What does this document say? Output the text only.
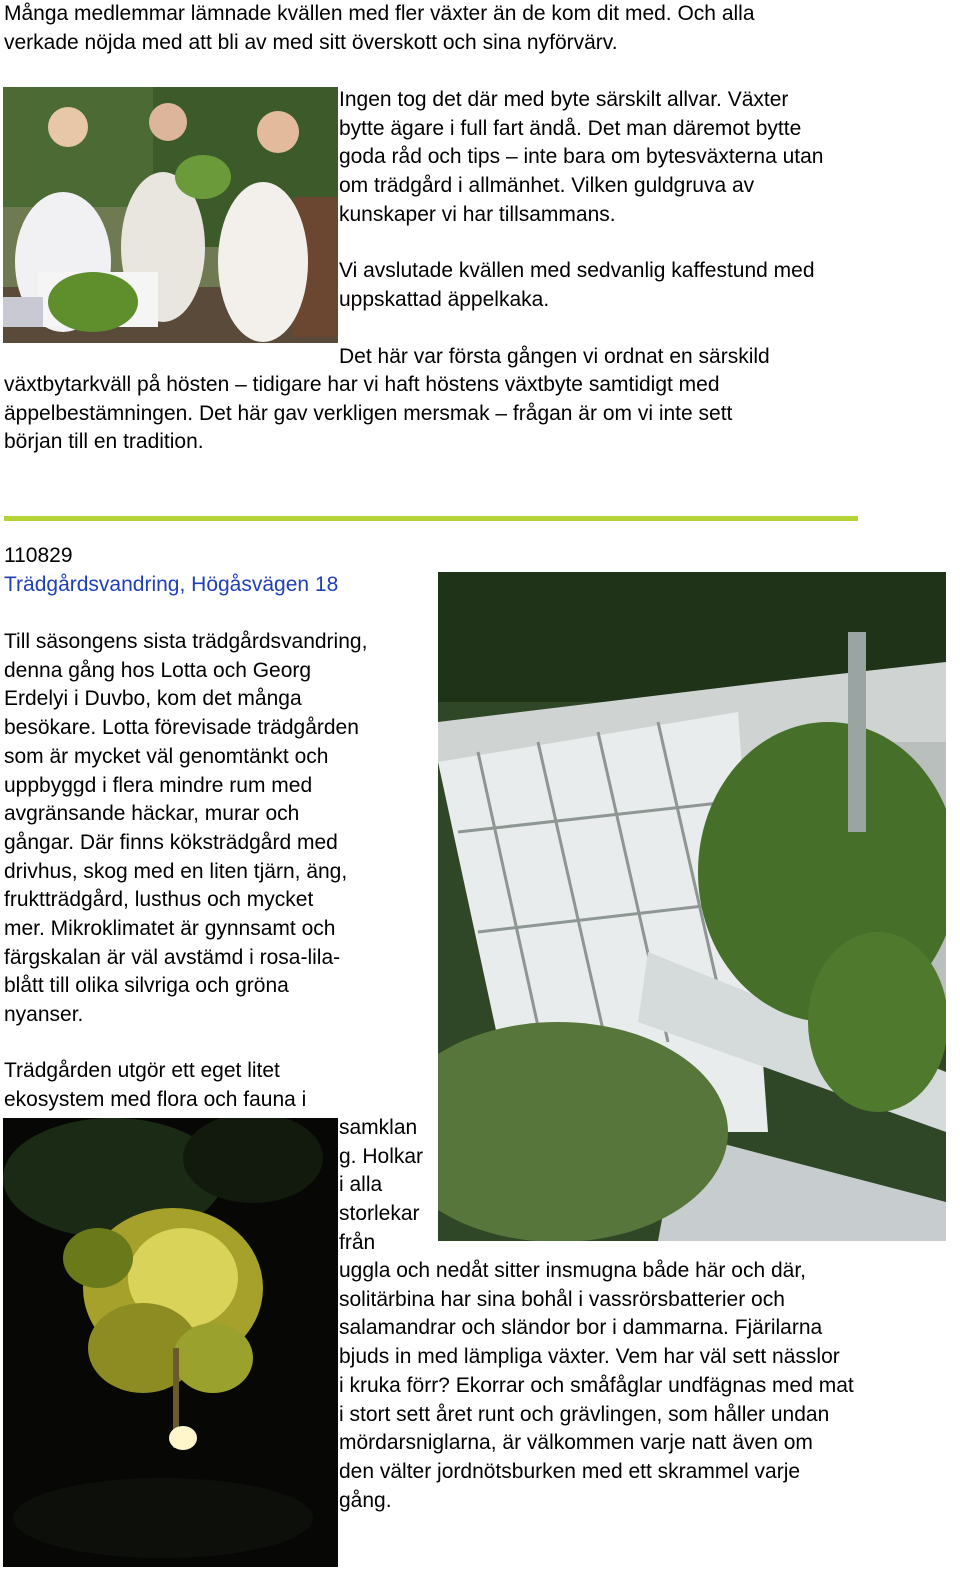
Många medlemmar lämnade kvällen med fler växter än de kom dit med. Och alla
verkade nöjda med att bli av med sitt överskott och sina nyförvärv.

Ingen tog det där med byte särskilt allvar. Växter
bytte ägare i full fart ändå. Det man däremot bytte
goda råd och tips – inte bara om bytesväxterna utan
om trädgård i allmänhet. Vilken guldgruva av
kunskaper vi har tillsammans.

Vi avslutade kvällen med sedvanlig kaffestund med
uppskattad äppelkaka.

Det här var första gången vi ordnat en särskild

växtbytarkväll på hösten – tidigare har vi haft höstens växtbyte samtidigt med
äppelbestämningen. Det här gav verkligen mersmak – frågan är om vi inte sett
början till en tradition.

110829

Trädgårdsvandring, Högåsvägen 18

Till säsongens sista trädgårdsvandring,
denna gång hos Lotta och Georg
Erdelyi i Duvbo, kom det många
besökare. Lotta förevisade trädgården
som är mycket väl genomtänkt och
uppbyggd i flera mindre rum med
avgränsande häckar, murar och
gångar. Där finns köksträdgård med
drivhus, skog med en liten tjärn, äng,
fruktträdgård, lusthus och mycket
mer. Mikroklimatet är gynnsamt och
färgskalan är väl avstämd i rosa-lila-
blått till olika silvriga och gröna
nyanser.

Trädgården utgör ett eget litet
ekosystem med flora och fauna i

samklan
g. Holkar
i alla
storlekar
från

uggla och nedåt sitter insmugna både här och där,
solitärbina har sina bohål i vassrörsbatterier och
salamandrar och sländor bor i dammarna. Fjärilarna
bjuds in med lämpliga växter. Vem har väl sett nässlor
i kruka förr? Ekorrar och småfåglar undfägnas med mat
i stort sett året runt och grävlingen, som håller undan
mördarsniglarna, är välkommen varje natt även om
den välter jordnötsburken med ett skrammel varje
gång.
